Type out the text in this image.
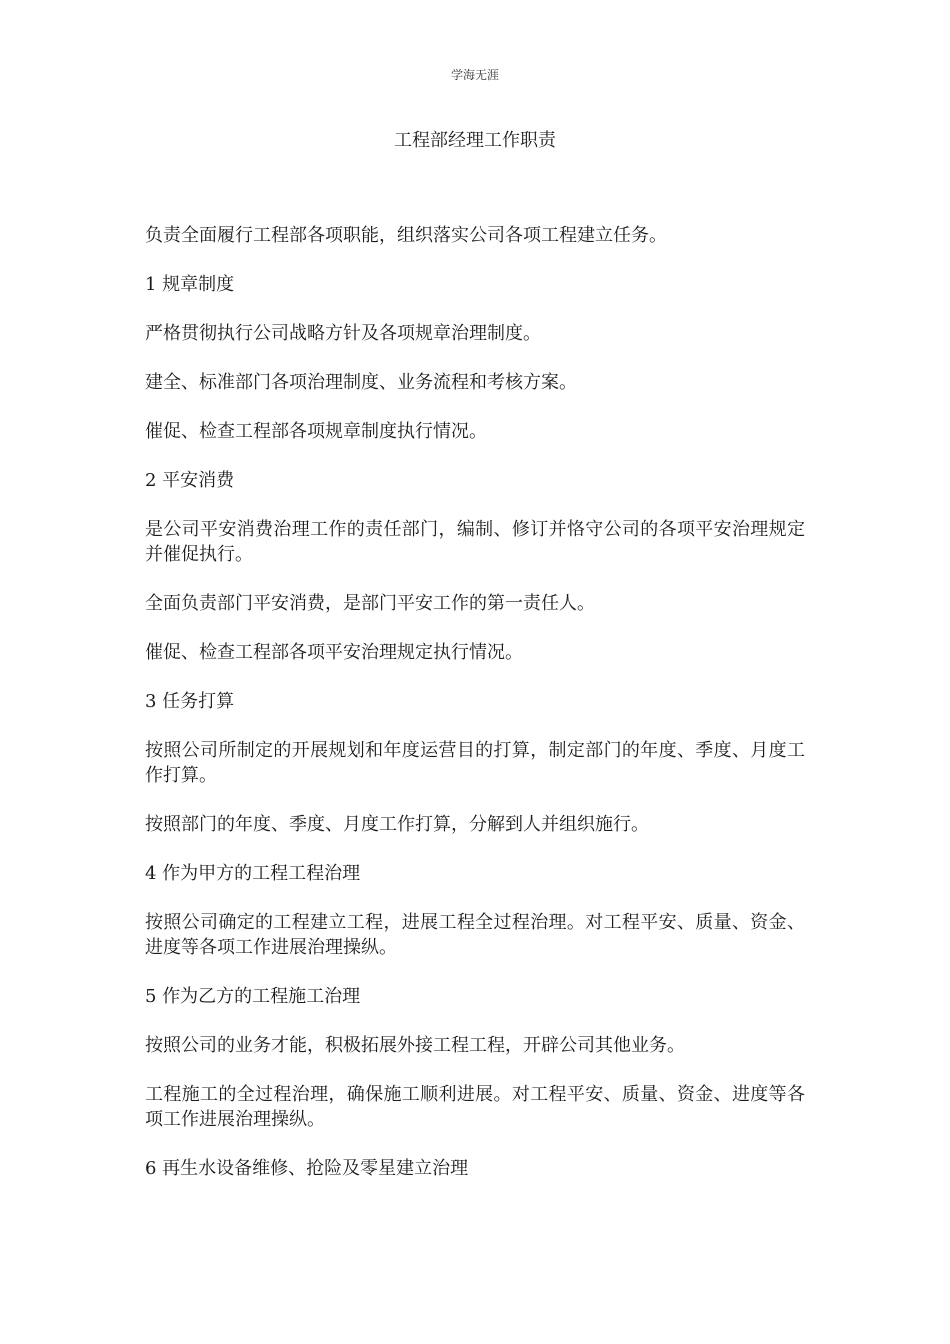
学海无涯
工程部经理工作职责

负责全面履行工程部各项职能，组织落实公司各项工程建立任务。

1 规章制度

严格贯彻执行公司战略方针及各项规章治理制度。

建全、标准部门各项治理制度、业务流程和考核方案。

催促、检查工程部各项规章制度执行情况。

2 平安消费

是公司平安消费治理工作的责任部门，编制、修订并恪守公司的各项平安治理规定并催促执行。

全面负责部门平安消费，是部门平安工作的第一责任人。

催促、检查工程部各项平安治理规定执行情况。

3 任务打算

按照公司所制定的开展规划和年度运营目的打算，制定部门的年度、季度、月度工作打算。

按照部门的年度、季度、月度工作打算，分解到人并组织施行。

4 作为甲方的工程工程治理

按照公司确定的工程建立工程，进展工程全过程治理。对工程平安、质量、资金、进度等各项工作进展治理操纵。

5 作为乙方的工程施工治理

按照公司的业务才能，积极拓展外接工程工程，开辟公司其他业务。

工程施工的全过程治理，确保施工顺利进展。对工程平安、质量、资金、进度等各项工作进展治理操纵。

6 再生水设备维修、抢险及零星建立治理
